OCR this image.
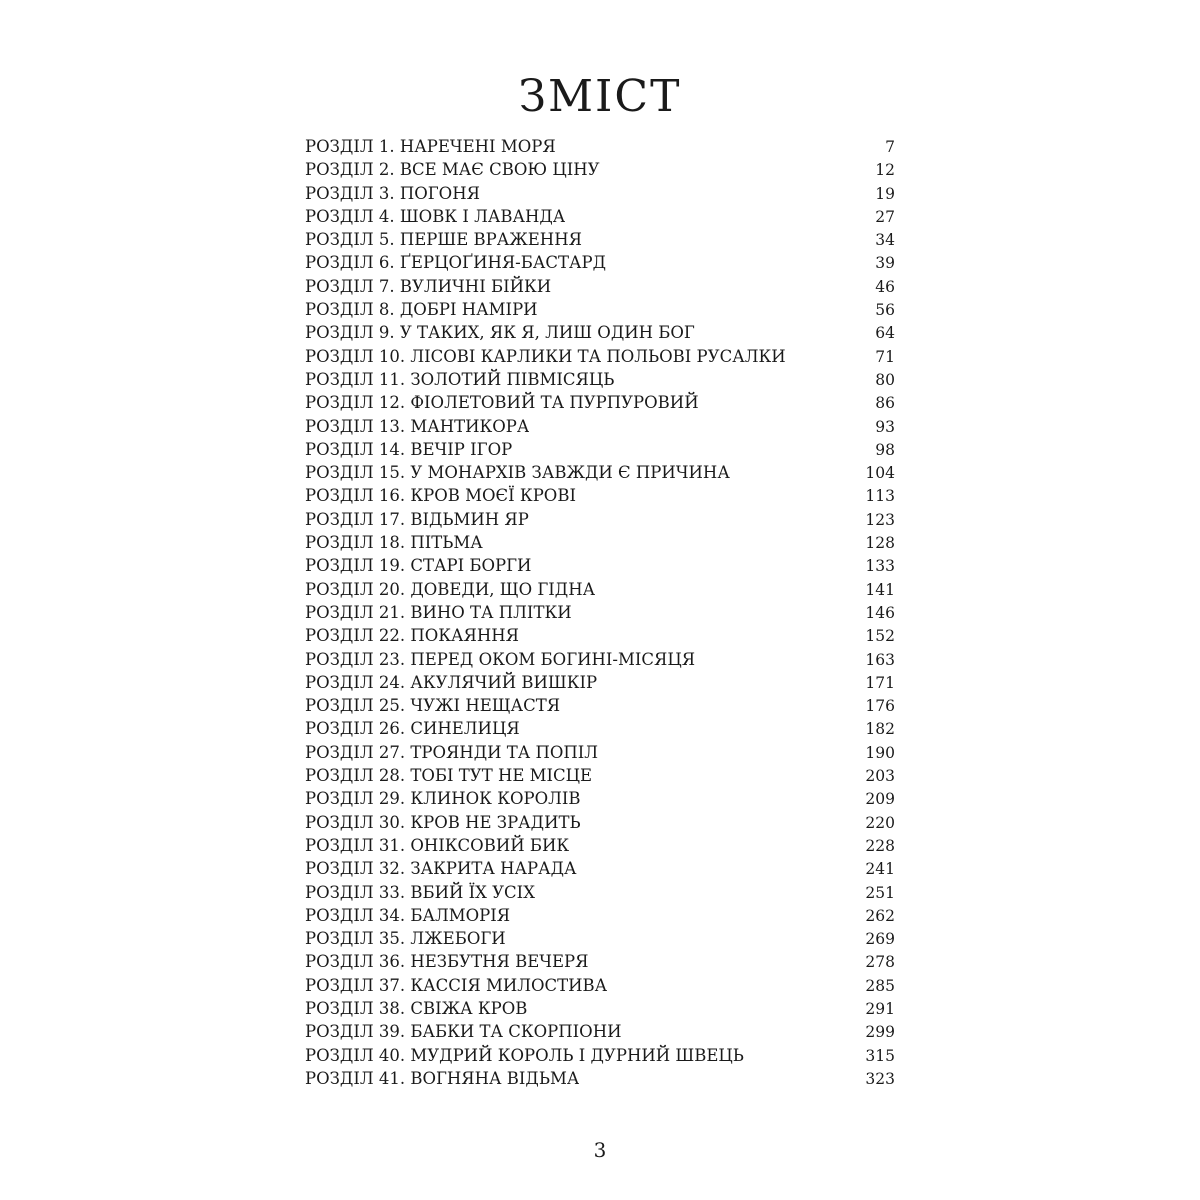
ЗМІСТ
РОЗДІЛ 1. НАРЕЧЕНІ МОРЯ	7
РОЗДІЛ 2. ВСЕ МАЄ СВОЮ ЦІНУ	12
РОЗДІЛ 3. ПОГОНЯ	19
РОЗДІЛ 4. ШОВК І ЛАВАНДА	27
РОЗДІЛ 5. ПЕРШЕ ВРАЖЕННЯ	34
РОЗДІЛ 6. ҐЕРЦОҐИНЯ-БАСТАРД	39
РОЗДІЛ 7. ВУЛИЧНІ БІЙКИ	46
РОЗДІЛ 8. ДОБРІ НАМІРИ	56
РОЗДІЛ 9. У ТАКИХ, ЯК Я, ЛИШ ОДИН БОГ	64
РОЗДІЛ 10. ЛІСОВІ КАРЛИКИ ТА ПОЛЬОВІ РУСАЛКИ	71
РОЗДІЛ 11. ЗОЛОТИЙ ПІВМІСЯЦЬ	80
РОЗДІЛ 12. ФІОЛЕТОВИЙ ТА ПУРПУРОВИЙ	86
РОЗДІЛ 13. МАНТИКОРА	93
РОЗДІЛ 14. ВЕЧІР ІГОР	98
РОЗДІЛ 15. У МОНАРХІВ ЗАВЖДИ Є ПРИЧИНА	104
РОЗДІЛ 16. КРОВ МОЄЇ КРОВІ	113
РОЗДІЛ 17. ВІДЬМИН ЯР	123
РОЗДІЛ 18. ПІТЬМА	128
РОЗДІЛ 19. СТАРІ БОРГИ	133
РОЗДІЛ 20. ДОВЕДИ, ЩО ГІДНА	141
РОЗДІЛ 21. ВИНО ТА ПЛІТКИ	146
РОЗДІЛ 22. ПОКАЯННЯ	152
РОЗДІЛ 23. ПЕРЕД ОКОМ БОГИНІ-МІСЯЦЯ	163
РОЗДІЛ 24. АКУЛЯЧИЙ ВИШКІР	171
РОЗДІЛ 25. ЧУЖІ НЕЩАСТЯ	176
РОЗДІЛ 26. СИНЕЛИЦЯ	182
РОЗДІЛ 27. ТРОЯНДИ ТА ПОПІЛ	190
РОЗДІЛ 28. ТОБІ ТУТ НЕ МІСЦЕ	203
РОЗДІЛ 29. КЛИНОК КОРОЛІВ	209
РОЗДІЛ 30. КРОВ НЕ ЗРАДИТЬ	220
РОЗДІЛ 31. ОНІКСОВИЙ БИК	228
РОЗДІЛ 32. ЗАКРИТА НАРАДА	241
РОЗДІЛ 33. ВБИЙ ЇХ УСІХ	251
РОЗДІЛ 34. БАЛМОРІЯ	262
РОЗДІЛ 35. ЛЖЕБОГИ	269
РОЗДІЛ 36. НЕЗБУТНЯ ВЕЧЕРЯ	278
РОЗДІЛ 37. КАССІЯ МИЛОСТИВА	285
РОЗДІЛ 38. СВІЖА КРОВ	291
РОЗДІЛ 39. БАБКИ ТА СКОРПІОНИ	299
РОЗДІЛ 40. МУДРИЙ КОРОЛЬ І ДУРНИЙ ШВЕЦЬ	315
РОЗДІЛ 41. ВОГНЯНА ВІДЬМА	323
3
